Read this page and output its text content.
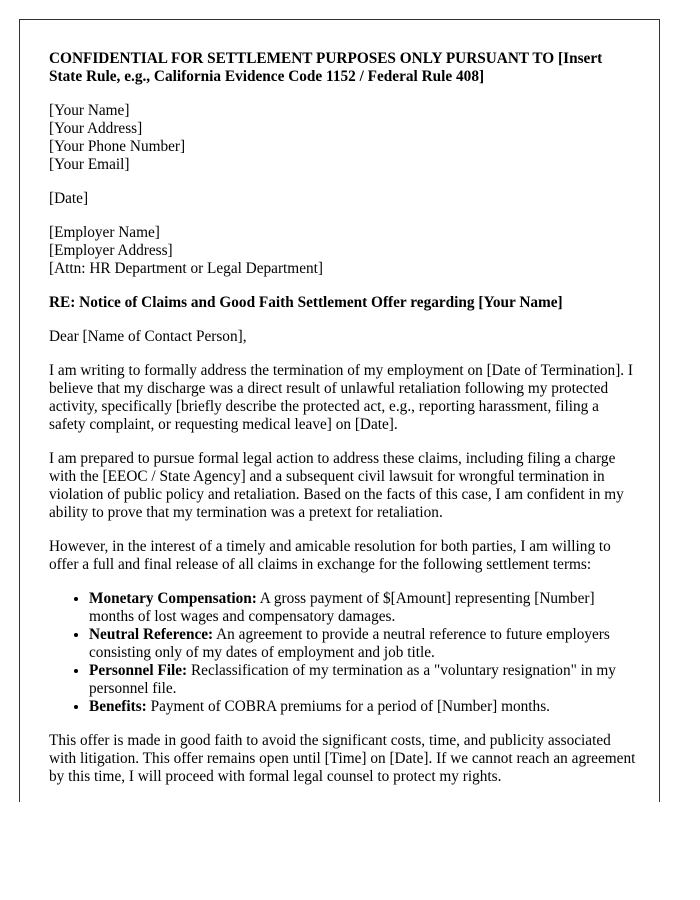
CONFIDENTIAL FOR SETTLEMENT PURPOSES ONLY PURSUANT TO [Insert State Rule, e.g., California Evidence Code 1152 / Federal Rule 408]

[Your Name]
[Your Address]
[Your Phone Number]
[Your Email]
[Date]
[Employer Name]
[Employer Address]
[Attn: HR Department or Legal Department]

RE: Notice of Claims and Good Faith Settlement Offer regarding [Your Name]

Dear [Name of Contact Person],

I am writing to formally address the termination of my employment on [Date of Termination]. I believe that my discharge was a direct result of unlawful retaliation following my protected activity, specifically [briefly describe the protected act, e.g., reporting harassment, filing a safety complaint, or requesting medical leave] on [Date].

I am prepared to pursue formal legal action to address these claims, including filing a charge with the [EEOC / State Agency] and a subsequent civil lawsuit for wrongful termination in violation of public policy and retaliation. Based on the facts of this case, I am confident in my ability to prove that my termination was a pretext for retaliation.

However, in the interest of a timely and amicable resolution for both parties, I am willing to offer a full and final release of all claims in exchange for the following settlement terms:

• Monetary Compensation: A gross payment of $[Amount] representing [Number] months of lost wages and compensatory damages.
• Neutral Reference: An agreement to provide a neutral reference to future employers consisting only of my dates of employment and job title.
• Personnel File: Reclassification of my termination as a "voluntary resignation" in my personnel file.
• Benefits: Payment of COBRA premiums for a period of [Number] months.

This offer is made in good faith to avoid the significant costs, time, and publicity associated with litigation. This offer remains open until [Time] on [Date]. If we cannot reach an agreement by this time, I will proceed with formal legal counsel to protect my rights.
